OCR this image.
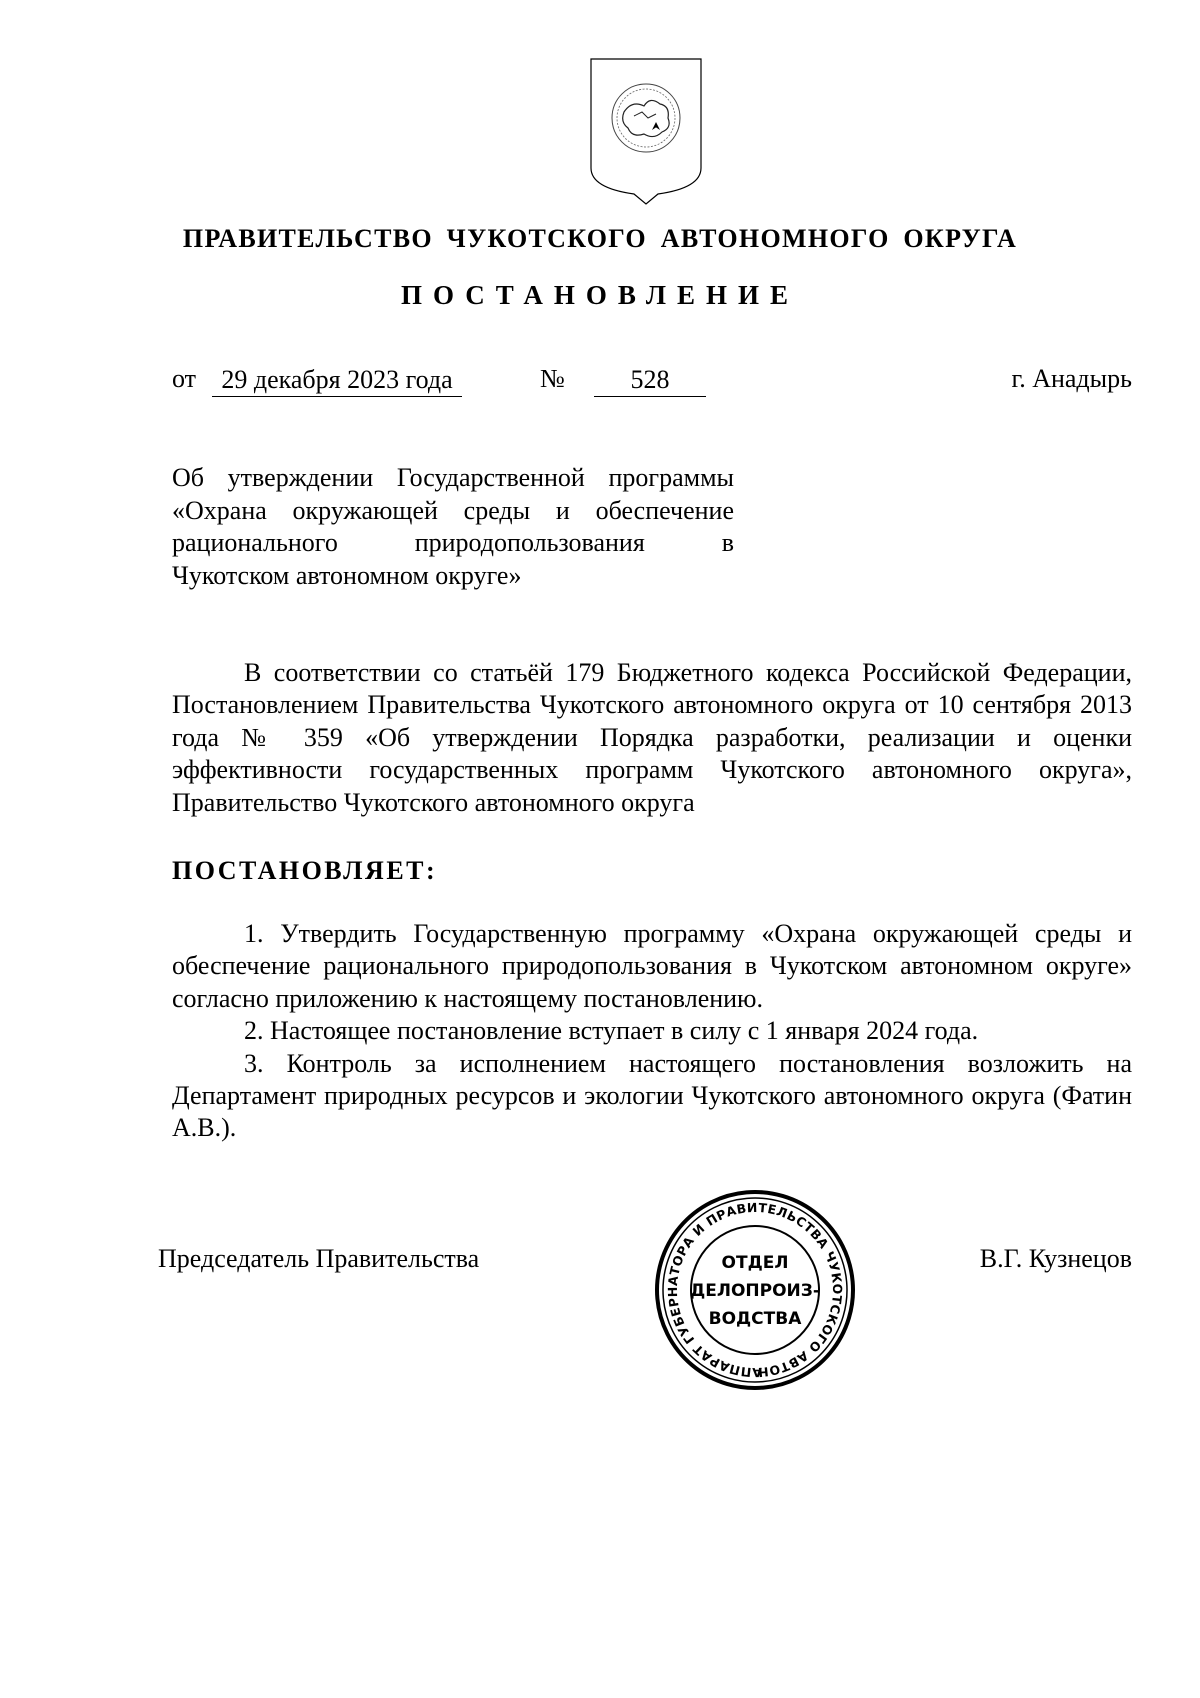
ПРАВИТЕЛЬСТВО ЧУКОТСКОГО АВТОНОМНОГО ОКРУГА
ПОСТАНОВЛЕНИЕ
от 29 декабря 2023 года	№	528	г. Анадырь
Об утверждении Государственной программы
«Охрана окружающей среды и обеспечение
рационального природопользования в
Чукотском автономном округе»

В соответствии со статьёй 179 Бюджетного кодекса Российской Федерации, Постановлением Правительства Чукотского автономного округа от 10 сентября 2013 года № 359 «Об утверждении Порядка разработки, реализации и оценки эффективности государственных программ Чукотского автономного округа», Правительство Чукотского автономного округа

ПОСТАНОВЛЯЕТ:

1. Утвердить Государственную программу «Охрана окружающей среды и обеспечение рационального природопользования в Чукотском автономном округе» согласно приложению к настоящему постановлению.

2. Настоящее постановление вступает в силу с 1 января 2024 года.

3. Контроль за исполнением настоящего постановления возложить на Департамент природных ресурсов и экологии Чукотского автономного округа (Фатин А.В.).

Председатель Правительства	В.Г. Кузнецов
АППАРАТ ГУБЕРНАТОРА И ПРАВИТЕЛЬСТВА ЧУКОТСКОГО АВТОНОМНОГО
ОТДЕЛ
ДЕЛОПРОИЗ-
ВОДСТВА
